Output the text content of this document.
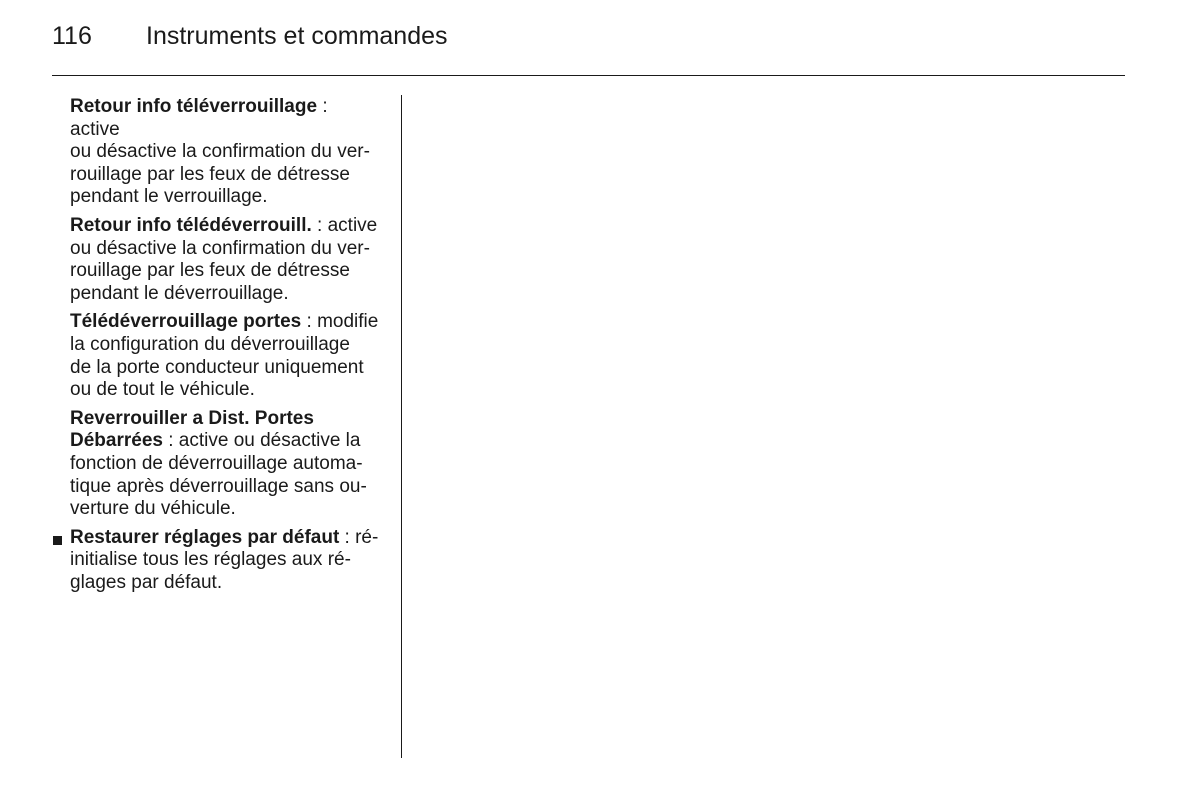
116	Instruments et commandes

Retour info téléverrouillage : active
ou désactive la confirmation du ver-
rouillage par les feux de détresse
pendant le verrouillage.

Retour info télédéverrouill. : active
ou désactive la confirmation du ver-
rouillage par les feux de détresse
pendant le déverrouillage.

Télédéverrouillage portes : modifie
la configuration du déverrouillage
de la porte conducteur uniquement
ou de tout le véhicule.

Reverrouiller a Dist. Portes
Débarrées : active ou désactive la
fonction de déverrouillage automa-
tique après déverrouillage sans ou-
verture du véhicule.

Restaurer réglages par défaut : ré-
initialise tous les réglages aux ré-
glages par défaut.
